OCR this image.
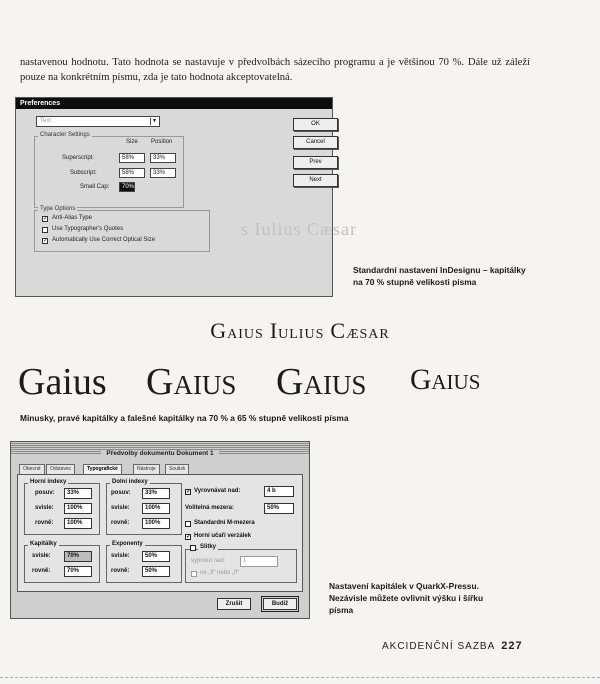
nastavenou hodnotu. Tato hodnota se nastavuje v předvolbách sázecího programu a je většinou 70 %. Dále už záleží pouze na konkrétním písmu, zda je tato hodnota akceptovatelná.

Preferences
Text	▼
Character Settings
Size Position
Superscript:	58%	33%
Subscript:	58%	33%
Small Cap:	70%
Type Options
✓ Anti-Alias Type
Use Typographer's Quotes
✓ Automatically Use Correct Optical Size
s Iulius Cæsar
OK
Cancel
Prev
Next

Standardní nastavení InDesignu – kapitálky na 70 % stupně velikosti písma

Gaius Iulius Cæsar
Gaius Gaius Gaius Gaius

Minusky, pravé kapitálky a falešné kapitálky na 70 % a 65 % stupně velikosti písma

Předvolby dokumentu Dokument 1
Obecné	Odstavec	Typografické	Nástroje	Soutisk
Horní indexy
posuv:	33%
svisle:	100%
rovně:	100%
Dolní indexy
posuv:	33%
svisle:	100%
rovně:	100%
Kapitálky
svisle:	70%
rovně:	70%
Exponenty
svisle:	50%
rovně:	50%
✓ Vyrovnávat nad:	4 b
Volitelná mezera:	50%
Standardní M-mezera
✓ Horní učaří verzálek
Slitky
vypnout nad:	1
ne „fi“ nebo „fl“
Zrušit	Budiž

Nastavení kapitálek v QuarkX-Pressu. Nezávisle můžete ovlivnit výšku i šířku písma

AKCIDENČNÍ SAZBA 227
